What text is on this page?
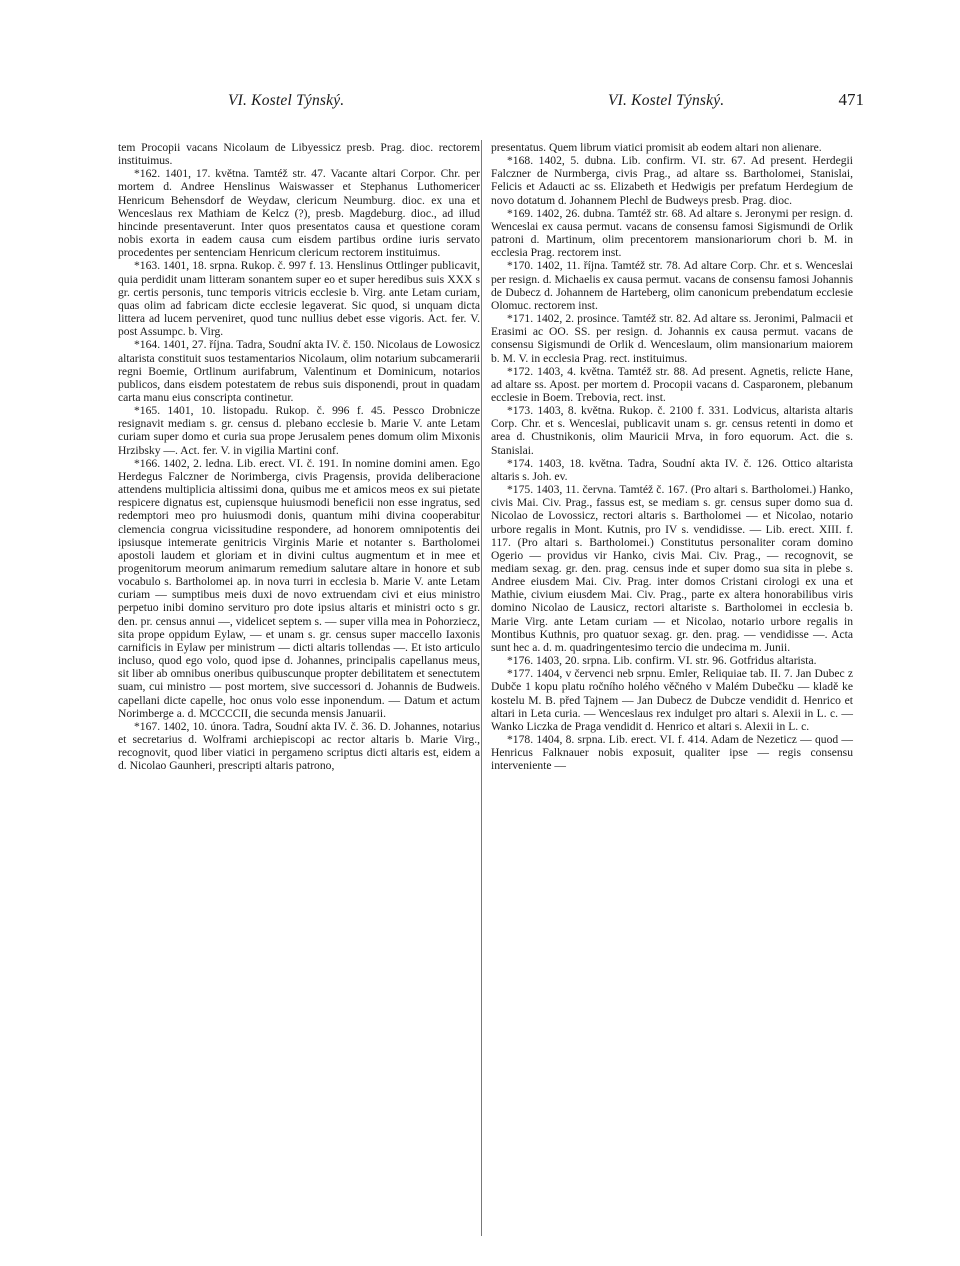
VI. Kostel Týnský.	VI. Kostel Týnský.	471

tem Procopii vacans Nicolaum de Libyessicz presb. Prag. dioc. rectorem instituimus.

*162. 1401, 17. května. Tamtéž str. 47. Vacante altari Corpor. Chr. per mortem d. Andree Henslinus Waiswasser et Stephanus Luthomericer Henricum Behensdorf de Weydaw, clericum Neumburg. dioc. ex una et Wenceslaus rex Mathiam de Kelcz (?), presb. Magdeburg. dioc., ad illud hincinde presentaverunt. Inter quos presentatos causa et questione coram nobis exorta in eadem causa cum eisdem partibus ordine iuris servato procedentes per sentenciam Henricum clericum rectorem instituimus.

*163. 1401, 18. srpna. Rukop. č. 997 f. 13. Henslinus Ottlinger publicavit, quia perdidit unam litteram sonantem super eo et super heredibus suis XXX s gr. certis personis, tunc temporis vitricis ecclesie b. Virg. ante Letam curiam, quas olim ad fabricam dicte ecclesie legaverat. Sic quod, si unquam dicta littera ad lucem perveniret, quod tunc nullius debet esse vigoris. Act. fer. V. post Assumpc. b. Virg.

*164. 1401, 27. října. Tadra, Soudní akta IV. č. 150. Nicolaus de Lowosicz altarista constituit suos testamentarios Nicolaum, olim notarium subcamerarii regni Boemie, Ortlinum aurifabrum, Valentinum et Dominicum, notarios publicos, dans eisdem potestatem de rebus suis disponendi, prout in quadam carta manu eius conscripta continetur.

*165. 1401, 10. listopadu. Rukop. č. 996 f. 45. Pessco Drobnicze resignavit mediam s. gr. census d. plebano ecclesie b. Marie V. ante Letam curiam super domo et curia sua prope Jerusalem penes domum olim Mixonis Hrzibsky —. Act. fer. V. in vigilia Martini conf.

*166. 1402, 2. ledna. Lib. erect. VI. č. 191. In nomine domini amen. Ego Herdegus Falczner de Norimberga, civis Pragensis, provida deliberacione attendens multiplicia altissimi dona, quibus me et amicos meos ex sui pietate respicere dignatus est, cupiensque huiusmodi beneficii non esse ingratus, sed redemptori meo pro huiusmodi donis, quantum mihi divina cooperabitur clemencia congrua vicissitudine respondere, ad honorem omnipotentis dei ipsiusque intemerate genitricis Virginis Marie et notanter s. Bartholomei apostoli laudem et gloriam et in divini cultus augmentum et in mee et progenitorum meorum animarum remedium salutare altare in honore et sub vocabulo s. Bartholomei ap. in nova turri in ecclesia b. Marie V. ante Letam curiam — sumptibus meis duxi de novo extruendam civi et eius ministro perpetuo inibi domino serviturо pro dote ipsius altaris et ministri octo s gr. den. pr. census annui —, videlicet septem s. — super villa mea in Pohorziecz, sita prope oppidum Eylaw, — et unam s. gr. census super maccello Iaxonis carnificis in Eylaw per ministrum — dicti altaris tollendas —. Et isto articulo incluso, quod ego volo, quod ipse d. Johannes, principalis capellanus meus, sit liber ab omnibus oneribus quibuscunque propter debilitatem et senectutem suam, cui ministro — post mortem, sive successori d. Johannis de Budweis. capellani dicte capelle, hoc onus volo esse inponendum. — Datum et actum Norimberge a. d. MCCCCII, die secunda mensis Januarii.

*167. 1402, 10. února. Tadra, Soudní akta IV. č. 36. D. Johannes, notarius et secretarius d. Wolframi archiepiscopi ac rector altaris b. Marie Virg., recognovit, quod liber viatici in pergameno scriptus dicti altaris est, eidem a d. Nicolao Gaunheri, prescripti altaris patrono,

presentatus. Quem librum viatici promisit ab eodem altari non alienare.

*168. 1402, 5. dubna. Lib. confirm. VI. str. 67. Ad present. Herdegii Falczner de Nurmberga, civis Prag., ad altare ss. Bartholomei, Stanislai, Felicis et Adaucti ac ss. Elizabeth et Hedwigis per prefatum Herdegium de novo dotatum d. Johannem Plechl de Budweys presb. Prag. dioc.

*169. 1402, 26. dubna. Tamtéž str. 68. Ad altare s. Jeronymi per resign. d. Wenceslai ex causa permut. vacans de consensu famosi Sigismundi de Orlik patroni d. Martinum, olim precentorem mansionariorum chori b. M. in ecclesia Prag. rectorem inst.

*170. 1402, 11. října. Tamtéž str. 78. Ad altare Corp. Chr. et s. Wenceslai per resign. d. Michaelis ex causa permut. vacans de consensu famosi Johannis de Dubecz d. Johannem de Harteberg, olim canonicum prebendatum ecclesie Olomuc. rectorem inst.

*171. 1402, 2. prosince. Tamtéž str. 82. Ad altare ss. Jeronimi, Palmacii et Erasimi ac OO. SS. per resign. d. Johannis ex causa permut. vacans de consensu Sigismundi de Orlik d. Wenceslaum, olim mansionarium maiorem b. M. V. in ecclesia Prag. rect. instituimus.

*172. 1403, 4. května. Tamtéž str. 88. Ad present. Agnetis, relicte Hane, ad altare ss. Apost. per mortem d. Procopii vacans d. Casparonem, plebanum ecclesie in Boem. Trebovia, rect. inst.

*173. 1403, 8. května. Rukop. č. 2100 f. 331. Lodvicus, altarista altaris Corp. Chr. et s. Wenceslai, publicavit unam s. gr. census retenti in domo et area d. Chustnikonis, olim Mauricii Mrva, in foro equorum. Act. die s. Stanislai.

*174. 1403, 18. května. Tadra, Soudní akta IV. č. 126. Ottico altarista altaris s. Joh. ev.

*175. 1403, 11. června. Tamtéž č. 167. (Pro altari s. Bartholomei.) Hanko, civis Mai. Civ. Prag., fassus est, se mediam s. gr. census super domo sua d. Nicolao de Lovossicz, rectori altaris s. Bartholomei — et Nicolao, notario urbore regalis in Mont. Kutnis, pro IV s. vendidisse. — Lib. erect. XIII. f. 117. (Pro altari s. Bartholomei.) Constitutus personaliter coram domino Ogerio — providus vir Hanko, civis Mai. Civ. Prag., — recognovit, se mediam sexag. gr. den. prag. census inde et super domo sua sita in plebe s. Andree eiusdem Mai. Civ. Prag. inter domos Cristani cirologi ex una et Mathie, civium eiusdem Mai. Civ. Prag., parte ex altera honorabilibus viris domino Nicolao de Lausicz, rectori altariste s. Bartholomei in ecclesia b. Marie Virg. ante Letam curiam — et Nicolao, notario urbore regalis in Montibus Kuthnis, pro quatuor sexag. gr. den. prag. — vendidisse —. Acta sunt hec a. d. m. quadringentesimo tercio die undecima m. Junii.

*176. 1403, 20. srpna. Lib. confirm. VI. str. 96. Gotfridus altarista.

*177. 1404, v červenci neb srpnu. Emler, Reliquiae tab. II. 7. Jan Dubec z Dubče 1 kopu platu ročního holého věčného v Malém Dubečku — kladě ke kostelu M. B. před Tajnem — Jan Dubecz de Dubcze vendidit d. Henrico et altari in Leta curia. — Wenceslaus rex indulget pro altari s. Alexii in L. c. — Wanko Liczka de Praga vendidit d. Henrico et altari s. Alexii in L. c.

*178. 1404, 8. srpna. Lib. erect. VI. f. 414. Adam de Nezeticz — quod — Henricus Falknauer nobis exposuit, qualiter ipse — regis consensu interveniente —
